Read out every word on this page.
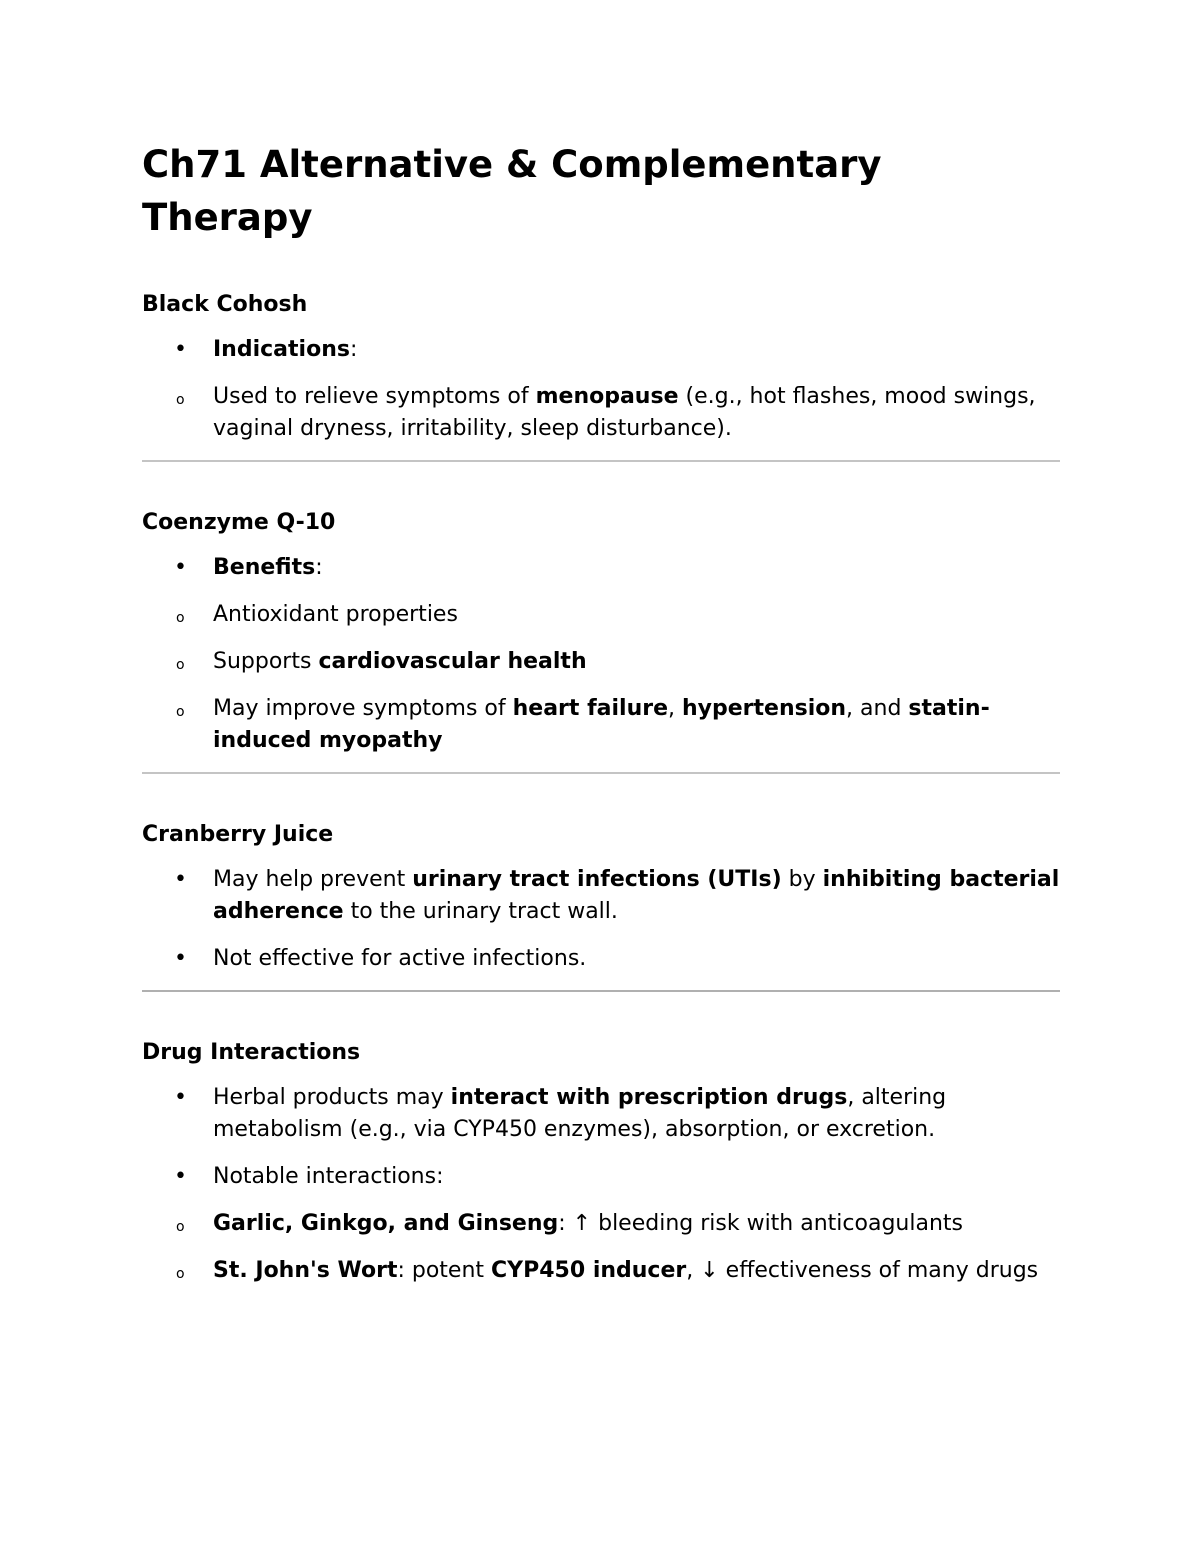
Ch71 Alternative & Complementary Therapy
Black Cohosh
• Indications:
o Used to relieve symptoms of menopause (e.g., hot flashes, mood swings, vaginal dryness, irritability, sleep disturbance).
Coenzyme Q-10
• Benefits:
o Antioxidant properties
o Supports cardiovascular health
o May improve symptoms of heart failure, hypertension, and statin-induced myopathy
Cranberry Juice
• May help prevent urinary tract infections (UTIs) by inhibiting bacterial adherence to the urinary tract wall.
• Not effective for active infections.
Drug Interactions
• Herbal products may interact with prescription drugs, altering metabolism (e.g., via CYP450 enzymes), absorption, or excretion.
• Notable interactions:
o Garlic, Ginkgo, and Ginseng: ↑ bleeding risk with anticoagulants
o St. John's Wort: potent CYP450 inducer, ↓ effectiveness of many drugs
